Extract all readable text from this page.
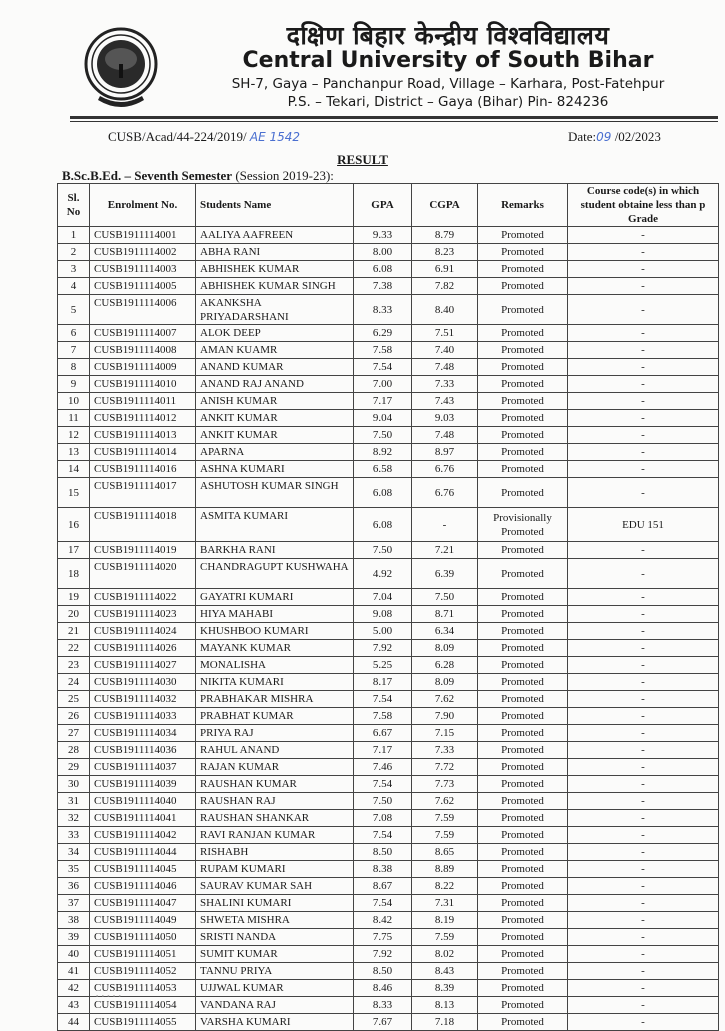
दक्षिण बिहार केन्द्रीय विश्वविद्यालय
Central University of South Bihar
SH-7, Gaya – Panchanpur Road, Village – Karhara, Post-Fatehpur
P.S. – Tekari, District – Gaya (Bihar) Pin- 824236
CUSB/Acad/44-224/2019/ AE 1542	Date:09 /02/2023
RESULT
B.Sc.B.Ed. – Seventh Semester (Session 2019-23):
Sl. No	Enrolment No.	Students Name	GPA	CGPA	Remarks	Course code(s) in which student obtaine less than p Grade
1	CUSB1911114001	AALIYA AAFREEN	9.33	8.79	Promoted	-
2	CUSB1911114002	ABHA RANI	8.00	8.23	Promoted	-
3	CUSB1911114003	ABHISHEK KUMAR	6.08	6.91	Promoted	-
4	CUSB1911114005	ABHISHEK KUMAR SINGH	7.38	7.82	Promoted	-
5	CUSB1911114006	AKANKSHA PRIYADARSHANI	8.33	8.40	Promoted	-
6	CUSB1911114007	ALOK DEEP	6.29	7.51	Promoted	-
7	CUSB1911114008	AMAN KUAMR	7.58	7.40	Promoted	-
8	CUSB1911114009	ANAND KUMAR	7.54	7.48	Promoted	-
9	CUSB1911114010	ANAND RAJ ANAND	7.00	7.33	Promoted	-
10	CUSB1911114011	ANISH KUMAR	7.17	7.43	Promoted	-
11	CUSB1911114012	ANKIT KUMAR	9.04	9.03	Promoted	-
12	CUSB1911114013	ANKIT KUMAR	7.50	7.48	Promoted	-
13	CUSB1911114014	APARNA	8.92	8.97	Promoted	-
14	CUSB1911114016	ASHNA KUMARI	6.58	6.76	Promoted	-
15	CUSB1911114017	ASHUTOSH KUMAR SINGH	6.08	6.76	Promoted	-
16	CUSB1911114018	ASMITA KUMARI	6.08	-	Provisionally Promoted	EDU 151
17	CUSB1911114019	BARKHA RANI	7.50	7.21	Promoted	-
18	CUSB1911114020	CHANDRAGUPT KUSHWAHA	4.92	6.39	Promoted	-
19	CUSB1911114022	GAYATRI KUMARI	7.04	7.50	Promoted	-
20	CUSB1911114023	HIYA MAHABI	9.08	8.71	Promoted	-
21	CUSB1911114024	KHUSHBOO KUMARI	5.00	6.34	Promoted	-
22	CUSB1911114026	MAYANK KUMAR	7.92	8.09	Promoted	-
23	CUSB1911114027	MONALISHA	5.25	6.28	Promoted	-
24	CUSB1911114030	NIKITA KUMARI	8.17	8.09	Promoted	-
25	CUSB1911114032	PRABHAKAR MISHRA	7.54	7.62	Promoted	-
26	CUSB1911114033	PRABHAT KUMAR	7.58	7.90	Promoted	-
27	CUSB1911114034	PRIYA RAJ	6.67	7.15	Promoted	-
28	CUSB1911114036	RAHUL ANAND	7.17	7.33	Promoted	-
29	CUSB1911114037	RAJAN KUMAR	7.46	7.72	Promoted	-
30	CUSB1911114039	RAUSHAN KUMAR	7.54	7.73	Promoted	-
31	CUSB1911114040	RAUSHAN RAJ	7.50	7.62	Promoted	-
32	CUSB1911114041	RAUSHAN SHANKAR	7.08	7.59	Promoted	-
33	CUSB1911114042	RAVI RANJAN KUMAR	7.54	7.59	Promoted	-
34	CUSB1911114044	RISHABH	8.50	8.65	Promoted	-
35	CUSB1911114045	RUPAM KUMARI	8.38	8.89	Promoted	-
36	CUSB1911114046	SAURAV KUMAR SAH	8.67	8.22	Promoted	-
37	CUSB1911114047	SHALINI KUMARI	7.54	7.31	Promoted	-
38	CUSB1911114049	SHWETA MISHRA	8.42	8.19	Promoted	-
39	CUSB1911114050	SRISTI NANDA	7.75	7.59	Promoted	-
40	CUSB1911114051	SUMIT KUMAR	7.92	8.02	Promoted	-
41	CUSB1911114052	TANNU PRIYA	8.50	8.43	Promoted	-
42	CUSB1911114053	UJJWAL KUMAR	8.46	8.39	Promoted	-
43	CUSB1911114054	VANDANA RAJ	8.33	8.13	Promoted	-
44	CUSB1911114055	VARSHA KUMARI	7.67	7.18	Promoted	-
▪ ▪ ▪ ▪ ▪
